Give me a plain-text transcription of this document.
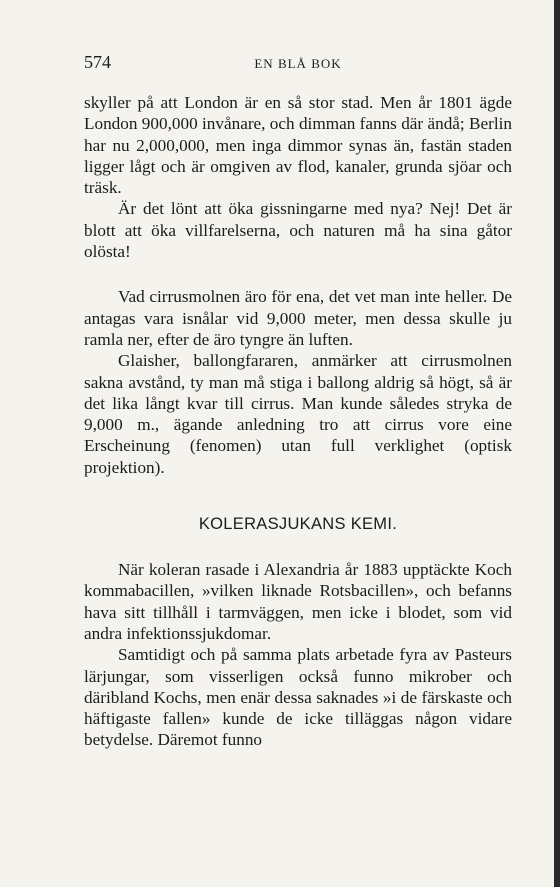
574	EN BLÅ BOK

skyller på att London är en så stor stad. Men år 1801 ägde London 900,000 invånare, och dimman fanns där ändå; Berlin har nu 2,000,000, men inga dimmor synas än, fastän staden ligger lågt och är omgiven av flod, kanaler, grunda sjöar och träsk.

Är det lönt att öka gissningarne med nya? Nej! Det är blott att öka villfarelserna, och naturen må ha sina gåtor olösta!

Vad cirrusmolnen äro för ena, det vet man inte heller. De antagas vara isnålar vid 9,000 meter, men dessa skulle ju ramla ner, efter de äro tyngre än luften.

Glaisher, ballongfararen, anmärker att cirrusmolnen sakna avstånd, ty man må stiga i ballong aldrig så högt, så är det lika långt kvar till cirrus. Man kunde således stryka de 9,000 m., ägande anledning tro att cirrus vore eine Erscheinung (fenomen) utan full verklighet (optisk projektion).

KOLERASJUKANS KEMI.

När koleran rasade i Alexandria år 1883 upptäckte Koch kommabacillen, »vilken liknade Rotsbacillen», och befanns hava sitt tillhåll i tarmväggen, men icke i blodet, som vid andra infektionssjukdomar.

Samtidigt och på samma plats arbetade fyra av Pasteurs lärjungar, som visserligen också funno mikrober och däribland Kochs, men enär dessa saknades »i de färskaste och häftigaste fallen» kunde de icke tilläggas någon vidare betydelse. Däremot funno
